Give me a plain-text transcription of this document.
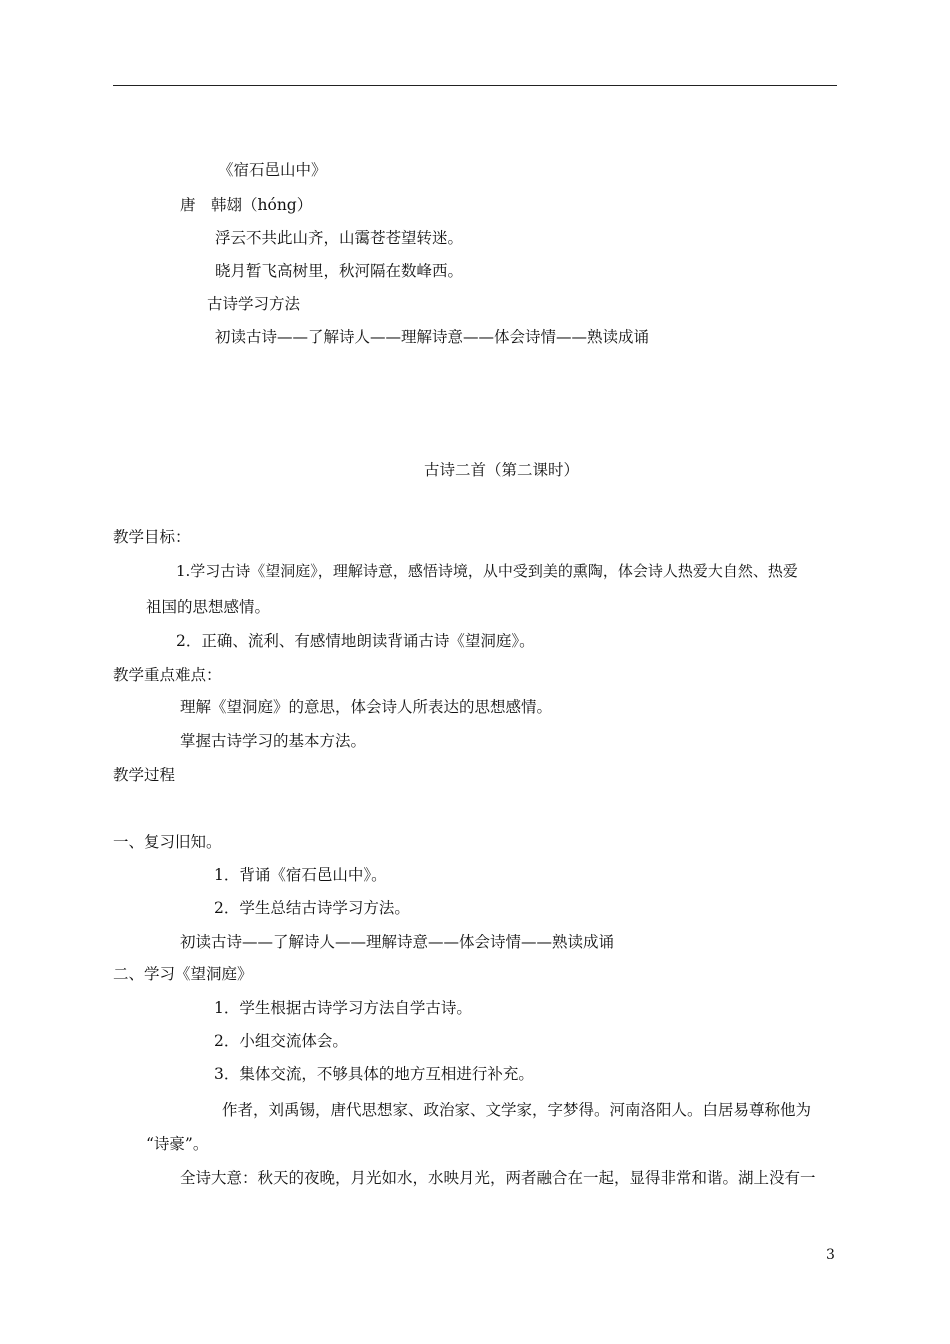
《宿石邑山中》
唐　韩翃（hóng）
浮云不共此山齐，山霭苍苍望转迷。
晓月暂飞高树里，秋河隔在数峰西。
古诗学习方法
初读古诗——了解诗人——理解诗意——体会诗情——熟读成诵
古诗二首（第二课时）
教学目标：
1.学习古诗《望洞庭》，理解诗意，感悟诗境，从中受到美的熏陶，体会诗人热爱大自然、热爱
祖国的思想感情。
2．正确、流利、有感情地朗读背诵古诗《望洞庭》。
教学重点难点：
理解《望洞庭》的意思，体会诗人所表达的思想感情。
掌握古诗学习的基本方法。
教学过程
一、复习旧知。
1．背诵《宿石邑山中》。
2．学生总结古诗学习方法。
初读古诗——了解诗人——理解诗意——体会诗情——熟读成诵
二、学习《望洞庭》
1．学生根据古诗学习方法自学古诗。
2．小组交流体会。
3．集体交流，不够具体的地方互相进行补充。
作者，刘禹锡，唐代思想家、政治家、文学家，字梦得。河南洛阳人。白居易尊称他为
“诗豪”。
全诗大意：秋天的夜晚，月光如水，水映月光，两者融合在一起，显得非常和谐。湖上没有一
3
